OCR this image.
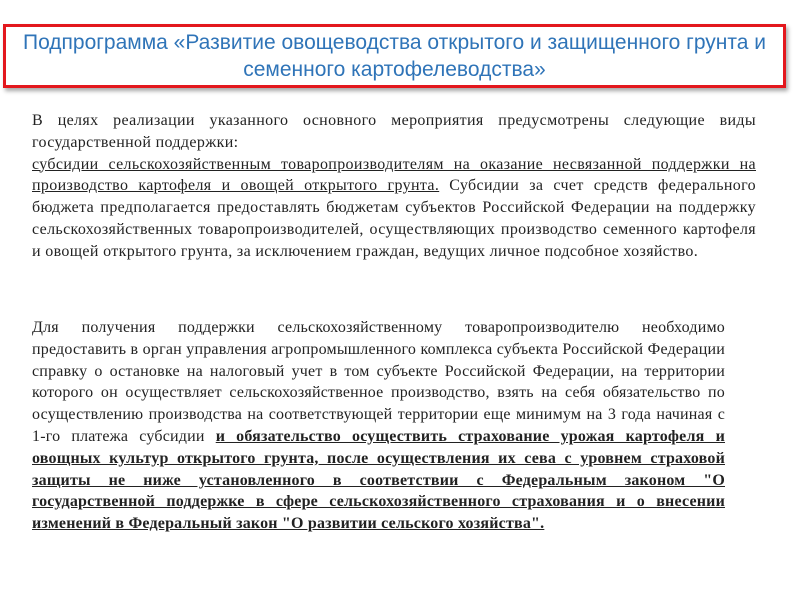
Подпрограмма «Развитие овощеводства открытого и защищенного грунта и семенного картофелеводства»

В целях реализации указанного основного мероприятия предусмотрены следующие виды государственной поддержки:
субсидии сельскохозяйственным товаропроизводителям на оказание несвязанной поддержки на производство картофеля и овощей открытого грунта. Субсидии за счет средств федерального бюджета предполагается предоставлять бюджетам субъектов Российской Федерации на поддержку сельскохозяйственных товаропроизводителей, осуществляющих производство семенного картофеля и овощей открытого грунта, за исключением граждан, ведущих личное подсобное хозяйство.

Для получения поддержки сельскохозяйственному товаропроизводителю необходимо предоставить в орган управления агропромышленного комплекса субъекта Российской Федерации справку о остановке на налоговый учет в том субъекте Российской Федерации, на территории которого он осуществляет сельскохозяйственное производство, взять на себя обязательство по осуществлению производства на соответствующей территории еще минимум на 3 года начиная с 1-го платежа субсидии и обязательство осуществить страхование урожая картофеля и овощных культур открытого грунта, после осуществления их сева с уровнем страховой защиты не ниже установленного в соответствии с Федеральным законом "О государственной поддержке в сфере сельскохозяйственного страхования и о внесении изменений в Федеральный закон "О развитии сельского хозяйства".
